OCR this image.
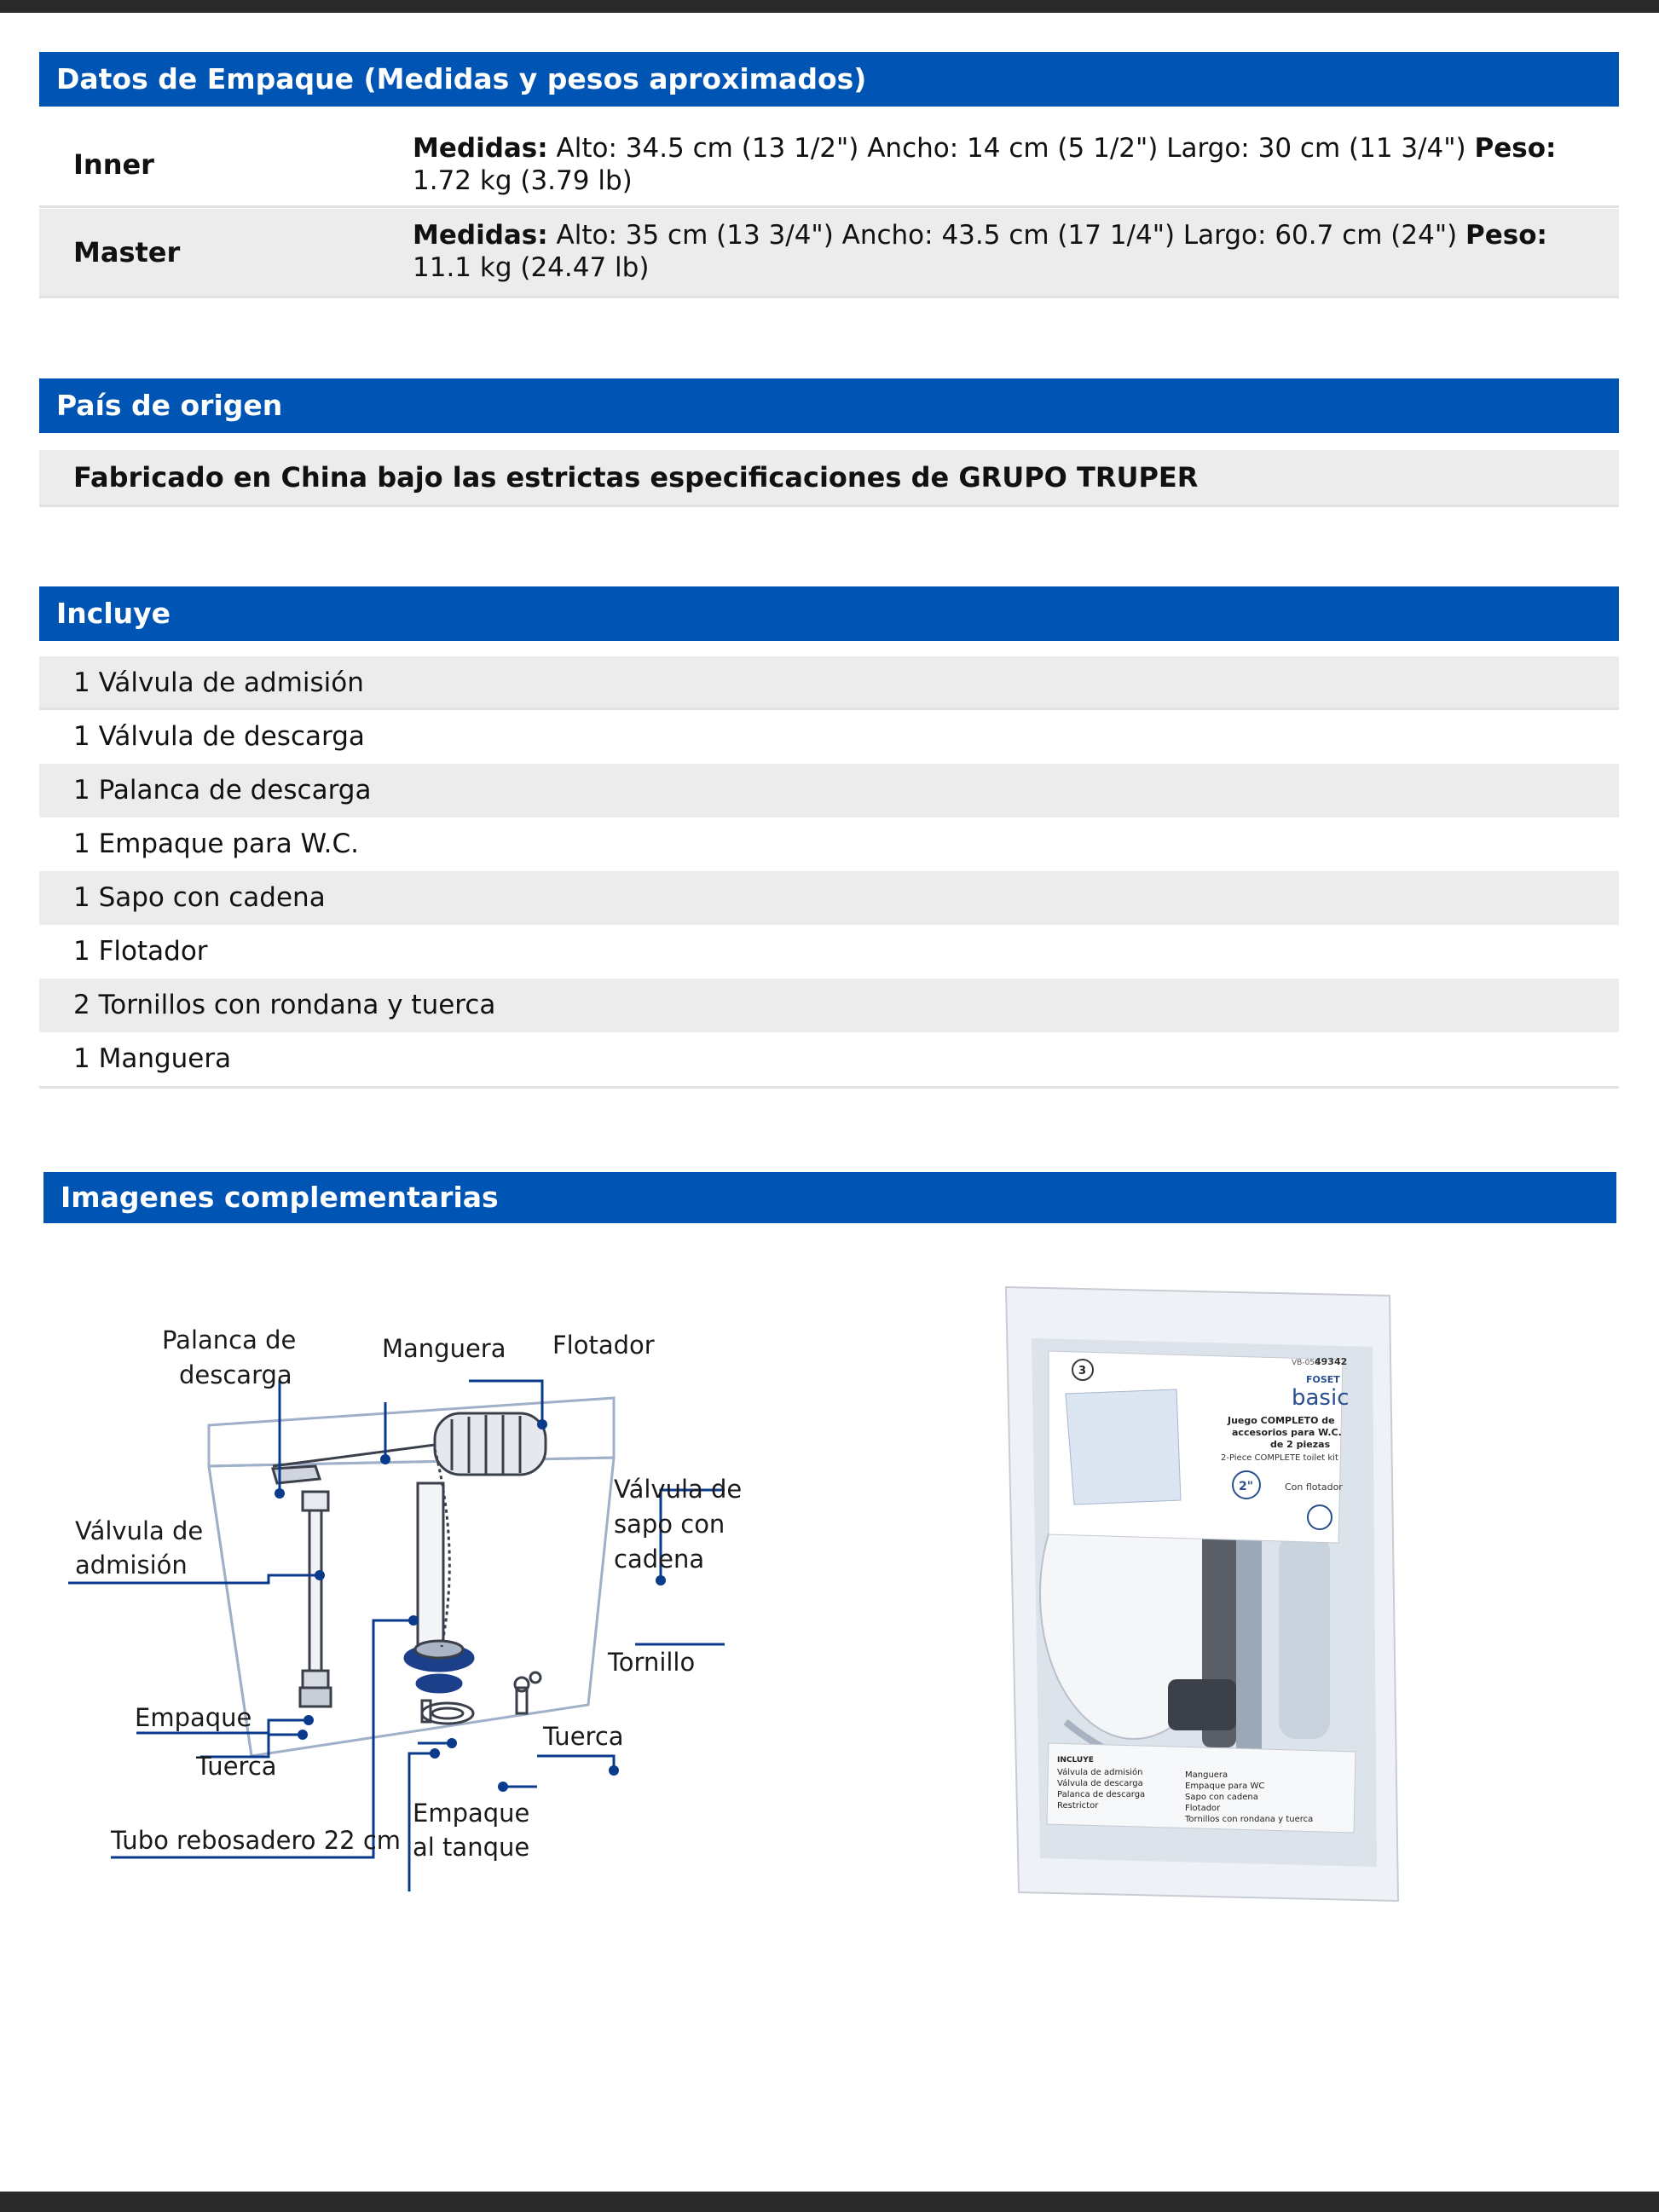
Datos de Empaque (Medidas y pesos aproximados)
Inner	Medidas: Alto: 34.5 cm (13 1/2") Ancho: 14 cm (5 1/2") Largo: 30 cm (11 3/4") Peso: 1.72 kg (3.79 lb)
Master
Medidas: Alto: 35 cm (13 3/4") Ancho: 43.5 cm (17 1/4") Largo: 60.7 cm (24") Peso: 11.1 kg (24.47 lb)
País de origen
Fabricado en China bajo las estrictas especificaciones de GRUPO TRUPER
Incluye
1 Válvula de admisión
1 Válvula de descarga
1 Palanca de descarga
1 Empaque para W.C.
1 Sapo con cadena
1 Flotador
2 Tornillos con rondana y tuerca
1 Manguera
Imagenes complementarias
Palanca de
descarga
Manguera Flotador
Válvula de
sapo con
cadena
Válvula de
admisión
Tornillo
Empaque
Tuerca
Tuerca
Empaque
al tanque
Tubo rebosadero 22 cm
3
VB-056
49342
FOSET
basic
Juego COMPLETO de
accesorios para W.C.
de 2 piezas
2-Piece COMPLETE toilet kit
2"	Con flotador
INCLUYE
Válvula de admisión
Válvula de descarga
Palanca de descarga
Restrictor
Manguera
Empaque para WC
Sapo con cadena
Flotador
Tornillos con rondana y tuerca
